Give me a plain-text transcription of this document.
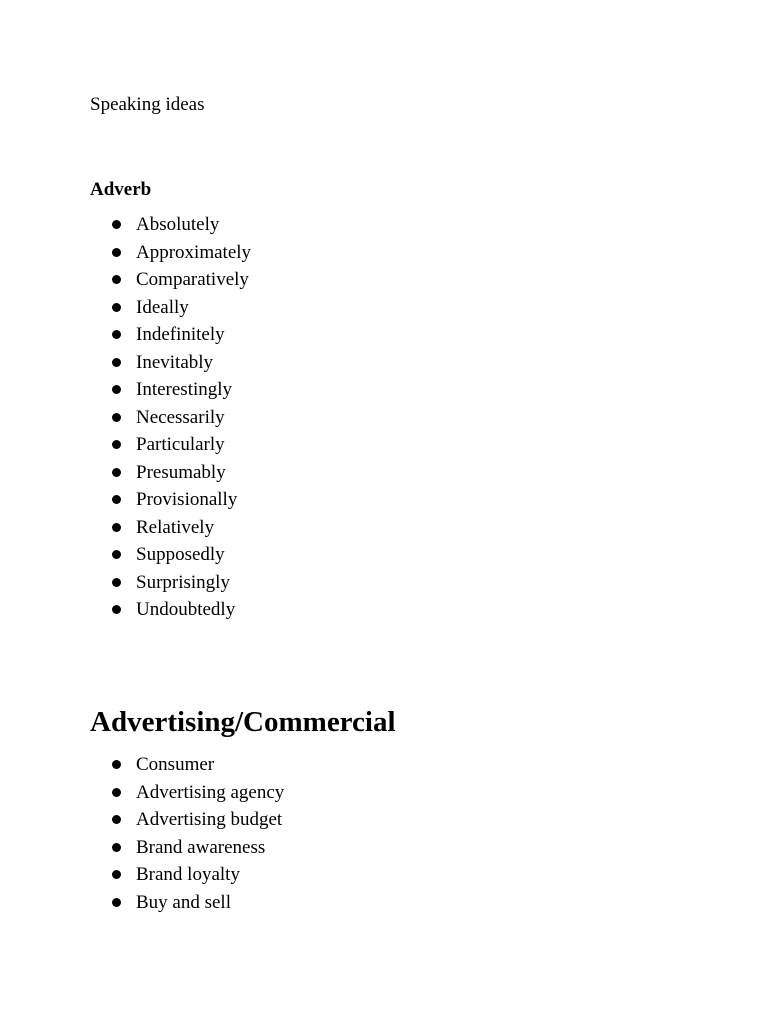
Speaking ideas

Adverb
Absolutely
Approximately
Comparatively
Ideally
Indefinitely
Inevitably
Interestingly
Necessarily
Particularly
Presumably
Provisionally
Relatively
Supposedly
Surprisingly
Undoubtedly
Advertising/Commercial
Consumer
Advertising agency
Advertising budget
Brand awareness
Brand loyalty
Buy and sell
